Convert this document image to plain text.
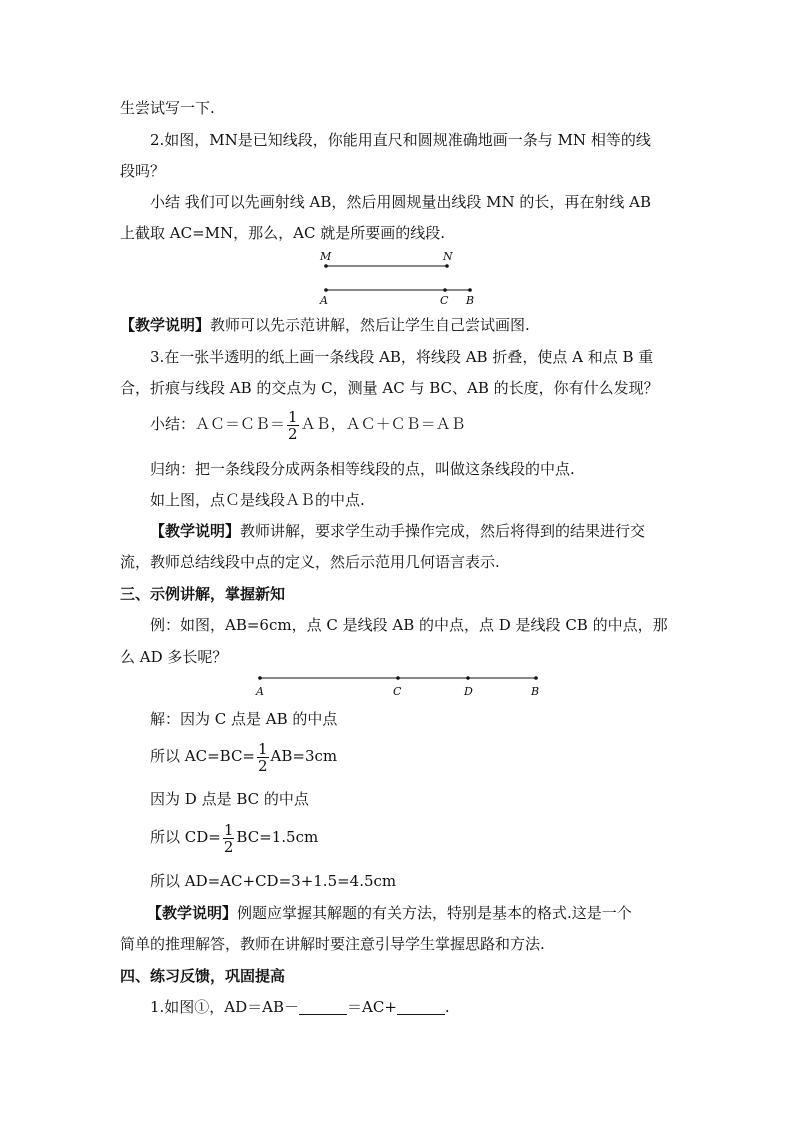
生尝试写一下.
2.如图，MN是已知线段，你能用直尺和圆规准确地画一条与 MN 相等的线
段吗？
小结 我们可以先画射线 AB，然后用圆规量出线段 MN 的长，再在射线 AB
上截取 AC=MN，那么，AC 就是所要画的线段.
M	N
A	C B
【教学说明】教师可以先示范讲解，然后让学生自己尝试画图.
3.在一张半透明的纸上画一条线段 AB，将线段 AB 折叠，使点 A 和点 B 重
合，折痕与线段 AB 的交点为 C，测量 AC 与 BC、AB 的长度，你有什么发现？
小结：ＡＣ＝ＣＢ＝ $\frac{1}{2}$ ＡＢ，ＡＣ＋ＣＢ＝ＡＢ
归纳：把一条线段分成两条相等线段的点，叫做这条线段的中点.
如上图，点Ｃ是线段ＡＢ的中点.
【教学说明】教师讲解，要求学生动手操作完成，然后将得到的结果进行交
流，教师总结线段中点的定义，然后示范用几何语言表示.
三、示例讲解，掌握新知
例：如图，AB=6cm，点 C 是线段 AB 的中点，点 D 是线段 CB 的中点，那
么 AD 多长呢？
A	C	D	B
解：因为 C 点是 AB 的中点
所以 $AC=BC= \frac{1}{2} AB=3cm$
因为 D 点是 BC 的中点
所以 $CD= \frac{1}{2} BC=1.5cm$
所以 AD=AC+CD=3+1.5=4.5cm
【教学说明】例题应掌握其解题的有关方法，特别是基本的格式.这是一个
简单的推理解答，教师在讲解时要注意引导学生掌握思路和方法.
四、练习反馈，巩固提高
1.如图①，AD＝AB－	＝AC+	.
